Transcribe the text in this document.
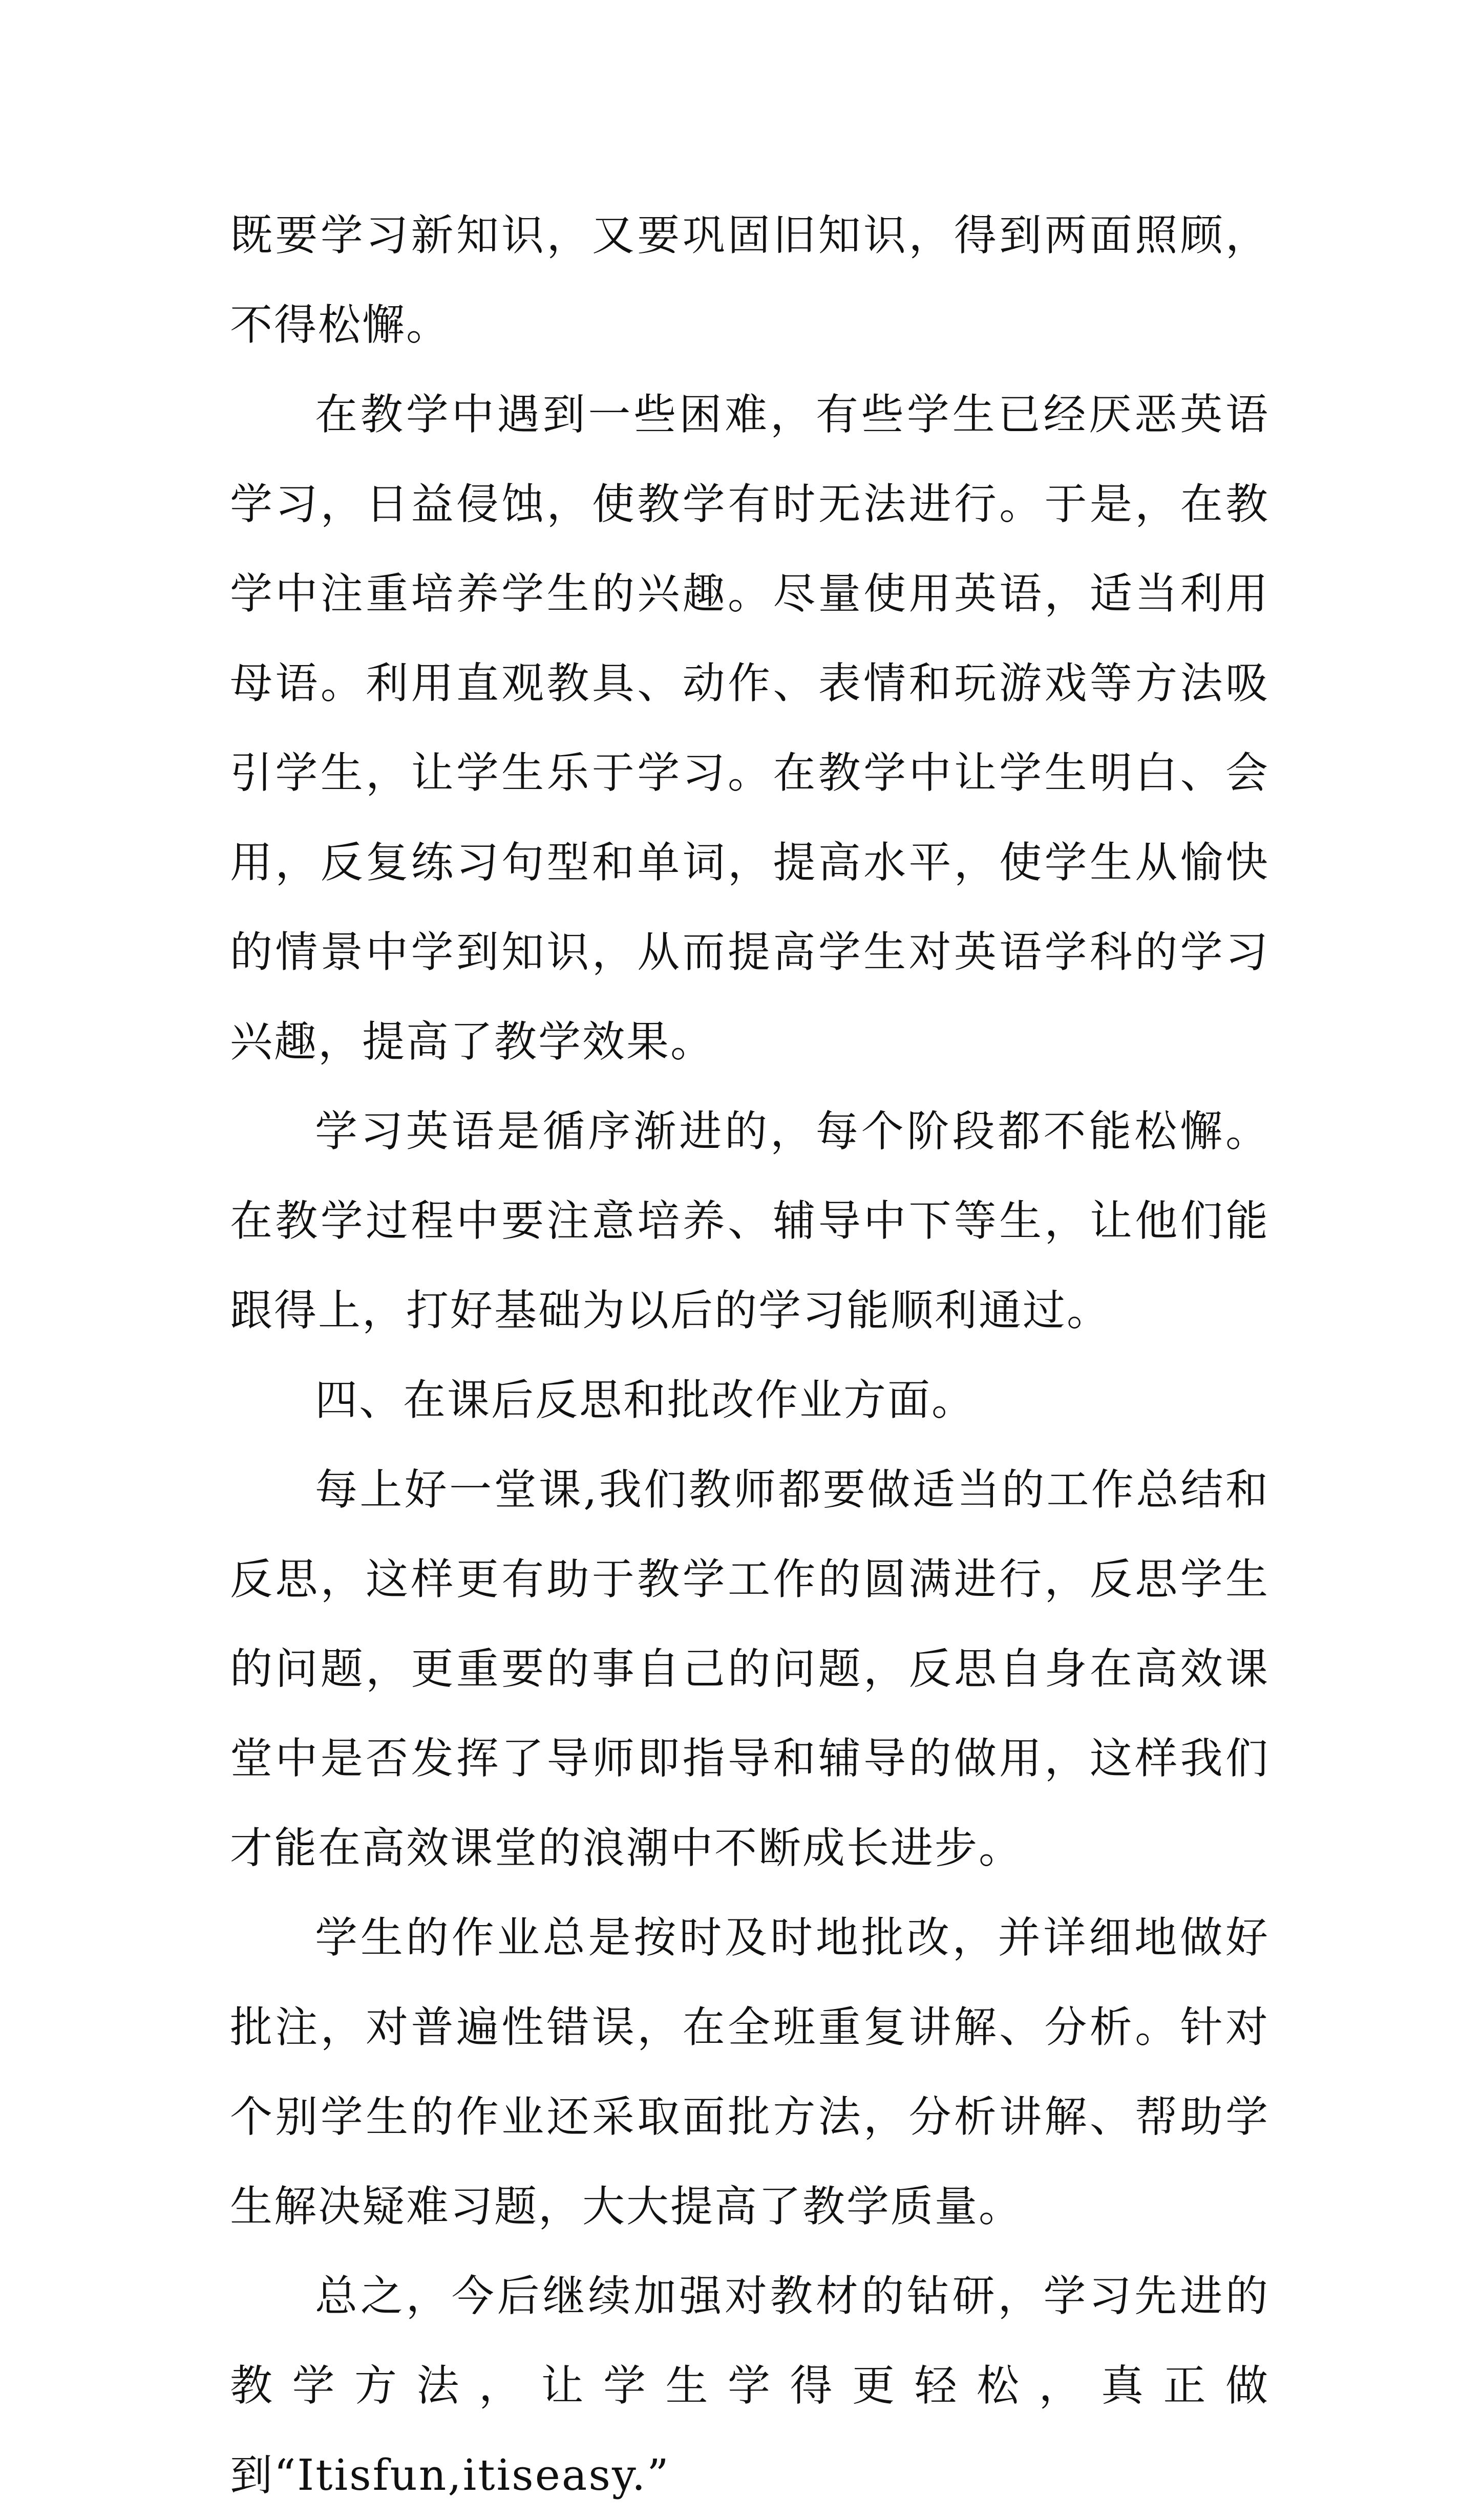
既要学习新知识，又要巩固旧知识，得到两面照顾，不得松懈。

在教学中遇到一些困难，有些学生已经厌恶英语学习，日益侵蚀，使教学有时无法进行。于是，在教学中注重培养学生的兴趣。尽量使用英语，适当利用母语。利用直观教具、动作、表情和玩游戏等方法吸引学生，让学生乐于学习。在教学中让学生明白、会用，反复练习句型和单词，提高水平，使学生从愉快的情景中学到知识，从而提高学生对英语学科的学习兴趣，提高了教学效果。

学习英语是循序渐进的，每个阶段都不能松懈。在教学过程中要注意培养、辅导中下等生，让他们能跟得上，打好基础为以后的学习能顺利通过。

四、在课后反思和批改作业方面。

每上好一堂课,我们教师都要做适当的工作总结和反思，这样更有助于教学工作的圆满进行，反思学生的问题，更重要的事自己的问题，反思自身在高效课堂中是否发挥了导师即指导和辅导的做用，这样我们才能在高效课堂的浪潮中不断成长进步。

学生的作业总是按时及时地批改，并详细地做好批注，对普遍性错误，在全班重复讲解、分析。针对个别学生的作业还采取面批方法，分析讲解、帮助学生解决疑难习题，大大提高了教学质量。

总之，今后继续加强对教材的钻研，学习先进的教学方法，让学生学得更轻松，真正做到“Itisfun,itiseasy.”
